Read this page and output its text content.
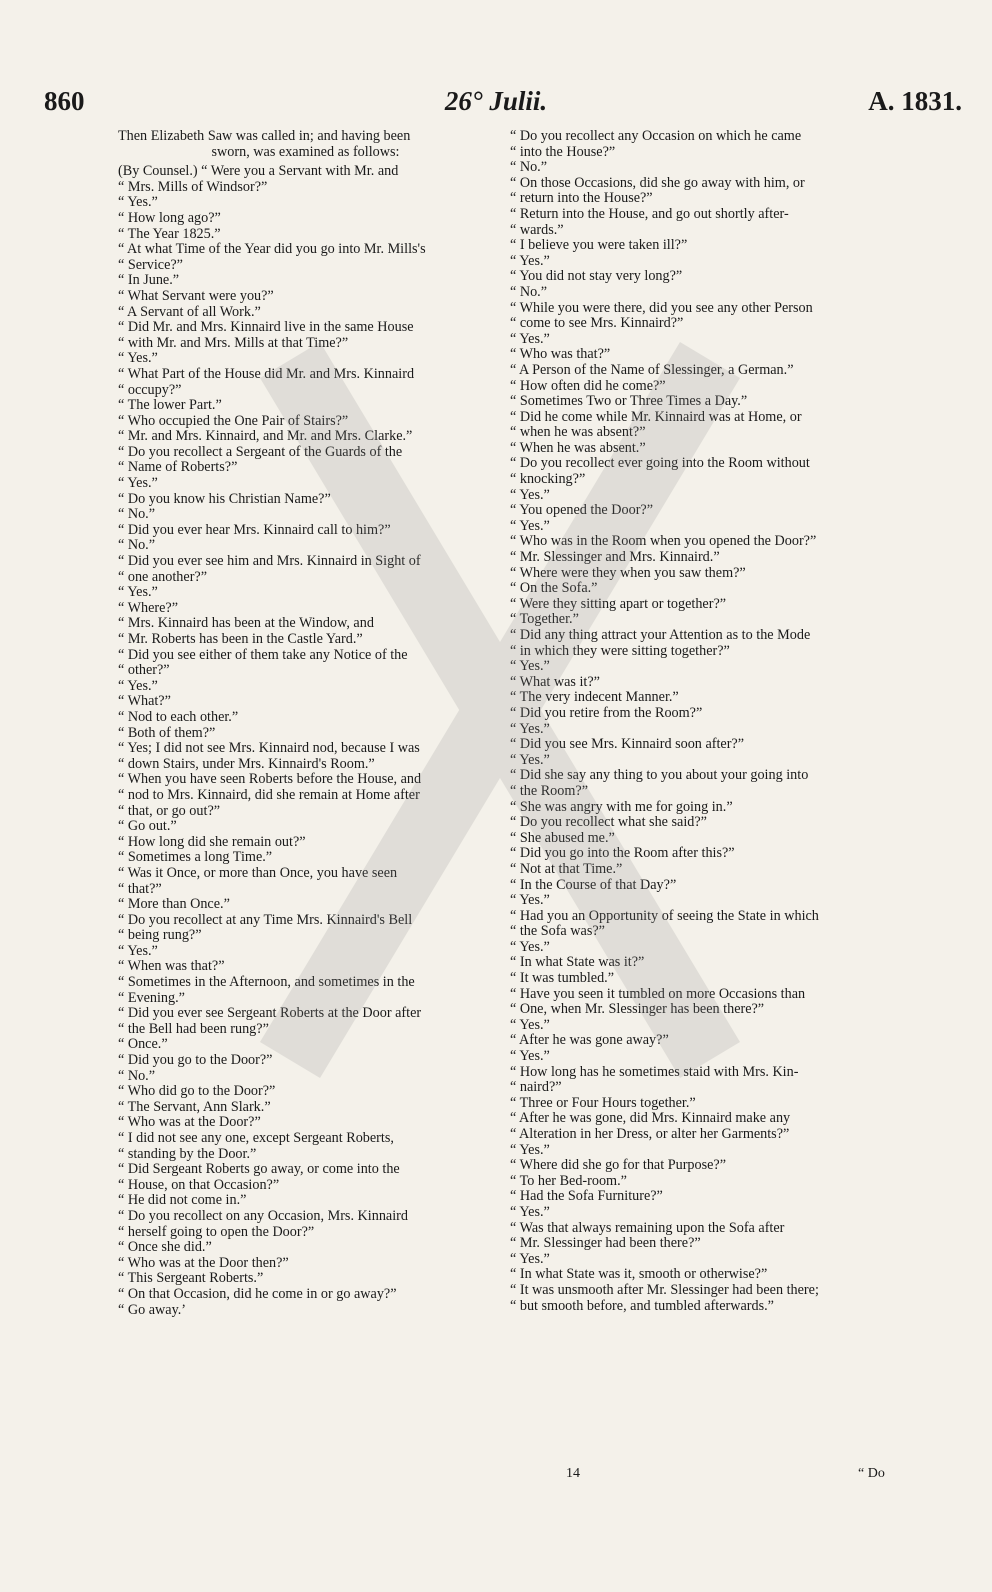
860	26° Julii.	A. 1831.

Then Elizabeth Saw was called in; and having been
sworn, was examined as follows:

(By Counsel.) “ Were you a Servant with Mr. and

“ Mrs. Mills of Windsor?”

“ Yes.”

“ How long ago?”

“ The Year 1825.”

“ At what Time of the Year did you go into Mr. Mills's

“ Service?”

“ In June.”

“ What Servant were you?”

“ A Servant of all Work.”

“ Did Mr. and Mrs. Kinnaird live in the same House

“ with Mr. and Mrs. Mills at that Time?”

“ Yes.”

“ What Part of the House did Mr. and Mrs. Kinnaird

“ occupy?”

“ The lower Part.”

“ Who occupied the One Pair of Stairs?”

“ Mr. and Mrs. Kinnaird, and Mr. and Mrs. Clarke.”

“ Do you recollect a Sergeant of the Guards of the

“ Name of Roberts?”

“ Yes.”

“ Do you know his Christian Name?”

“ No.”

“ Did you ever hear Mrs. Kinnaird call to him?”

“ No.”

“ Did you ever see him and Mrs. Kinnaird in Sight of

“ one another?”

“ Yes.”

“ Where?”

“ Mrs. Kinnaird has been at the Window, and

“ Mr. Roberts has been in the Castle Yard.”

“ Did you see either of them take any Notice of the

“ other?”

“ Yes.”

“ What?”

“ Nod to each other.”

“ Both of them?”

“ Yes; I did not see Mrs. Kinnaird nod, because I was

“ down Stairs, under Mrs. Kinnaird's Room.”

“ When you have seen Roberts before the House, and

“ nod to Mrs. Kinnaird, did she remain at Home after

“ that, or go out?”

“ Go out.”

“ How long did she remain out?”

“ Sometimes a long Time.”

“ Was it Once, or more than Once, you have seen

“ that?”

“ More than Once.”

“ Do you recollect at any Time Mrs. Kinnaird's Bell

“ being rung?”

“ Yes.”

“ When was that?”

“ Sometimes in the Afternoon, and sometimes in the

“ Evening.”

“ Did you ever see Sergeant Roberts at the Door after

“ the Bell had been rung?”

“ Once.”

“ Did you go to the Door?”

“ No.”

“ Who did go to the Door?”

“ The Servant, Ann Slark.”

“ Who was at the Door?”

“ I did not see any one, except Sergeant Roberts,

“ standing by the Door.”

“ Did Sergeant Roberts go away, or come into the

“ House, on that Occasion?”

“ He did not come in.”

“ Do you recollect on any Occasion, Mrs. Kinnaird

“ herself going to open the Door?”

“ Once she did.”

“ Who was at the Door then?”

“ This Sergeant Roberts.”

“ On that Occasion, did he come in or go away?”

“ Go away.’

“ Do you recollect any Occasion on which he came

“ into the House?”

“ No.”

“ On those Occasions, did she go away with him, or

“ return into the House?”

“ Return into the House, and go out shortly after-

“ wards.”

“ I believe you were taken ill?”

“ Yes.”

“ You did not stay very long?”

“ No.”

“ While you were there, did you see any other Person

“ come to see Mrs. Kinnaird?”

“ Yes.”

“ Who was that?”

“ A Person of the Name of Slessinger, a German.”

“ How often did he come?”

“ Sometimes Two or Three Times a Day.”

“ Did he come while Mr. Kinnaird was at Home, or

“ when he was absent?”

“ When he was absent.”

“ Do you recollect ever going into the Room without

“ knocking?”

“ Yes.”

“ You opened the Door?”

“ Yes.”

“ Who was in the Room when you opened the Door?”

“ Mr. Slessinger and Mrs. Kinnaird.”

“ Where were they when you saw them?”

“ On the Sofa.”

“ Were they sitting apart or together?”

“ Together.”

“ Did any thing attract your Attention as to the Mode

“ in which they were sitting together?”

“ Yes.”

“ What was it?”

“ The very indecent Manner.”

“ Did you retire from the Room?”

“ Yes.”

“ Did you see Mrs. Kinnaird soon after?”

“ Yes.”

“ Did she say any thing to you about your going into

“ the Room?”

“ She was angry with me for going in.”

“ Do you recollect what she said?”

“ She abused me.”

“ Did you go into the Room after this?”

“ Not at that Time.”

“ In the Course of that Day?”

“ Yes.”

“ Had you an Opportunity of seeing the State in which

“ the Sofa was?”

“ Yes.”

“ In what State was it?”

“ It was tumbled.”

“ Have you seen it tumbled on more Occasions than

“ One, when Mr. Slessinger has been there?”

“ Yes.”

“ After he was gone away?”

“ Yes.”

“ How long has he sometimes staid with Mrs. Kin-

“ naird?”

“ Three or Four Hours together.”

“ After he was gone, did Mrs. Kinnaird make any

“ Alteration in her Dress, or alter her Garments?”

“ Yes.”

“ Where did she go for that Purpose?”

“ To her Bed-room.”

“ Had the Sofa Furniture?”

“ Yes.”

“ Was that always remaining upon the Sofa after

“ Mr. Slessinger had been there?”

“ Yes.”

“ In what State was it, smooth or otherwise?”

“ It was unsmooth after Mr. Slessinger had been there;

“ but smooth before, and tumbled afterwards.”

14	“ Do
